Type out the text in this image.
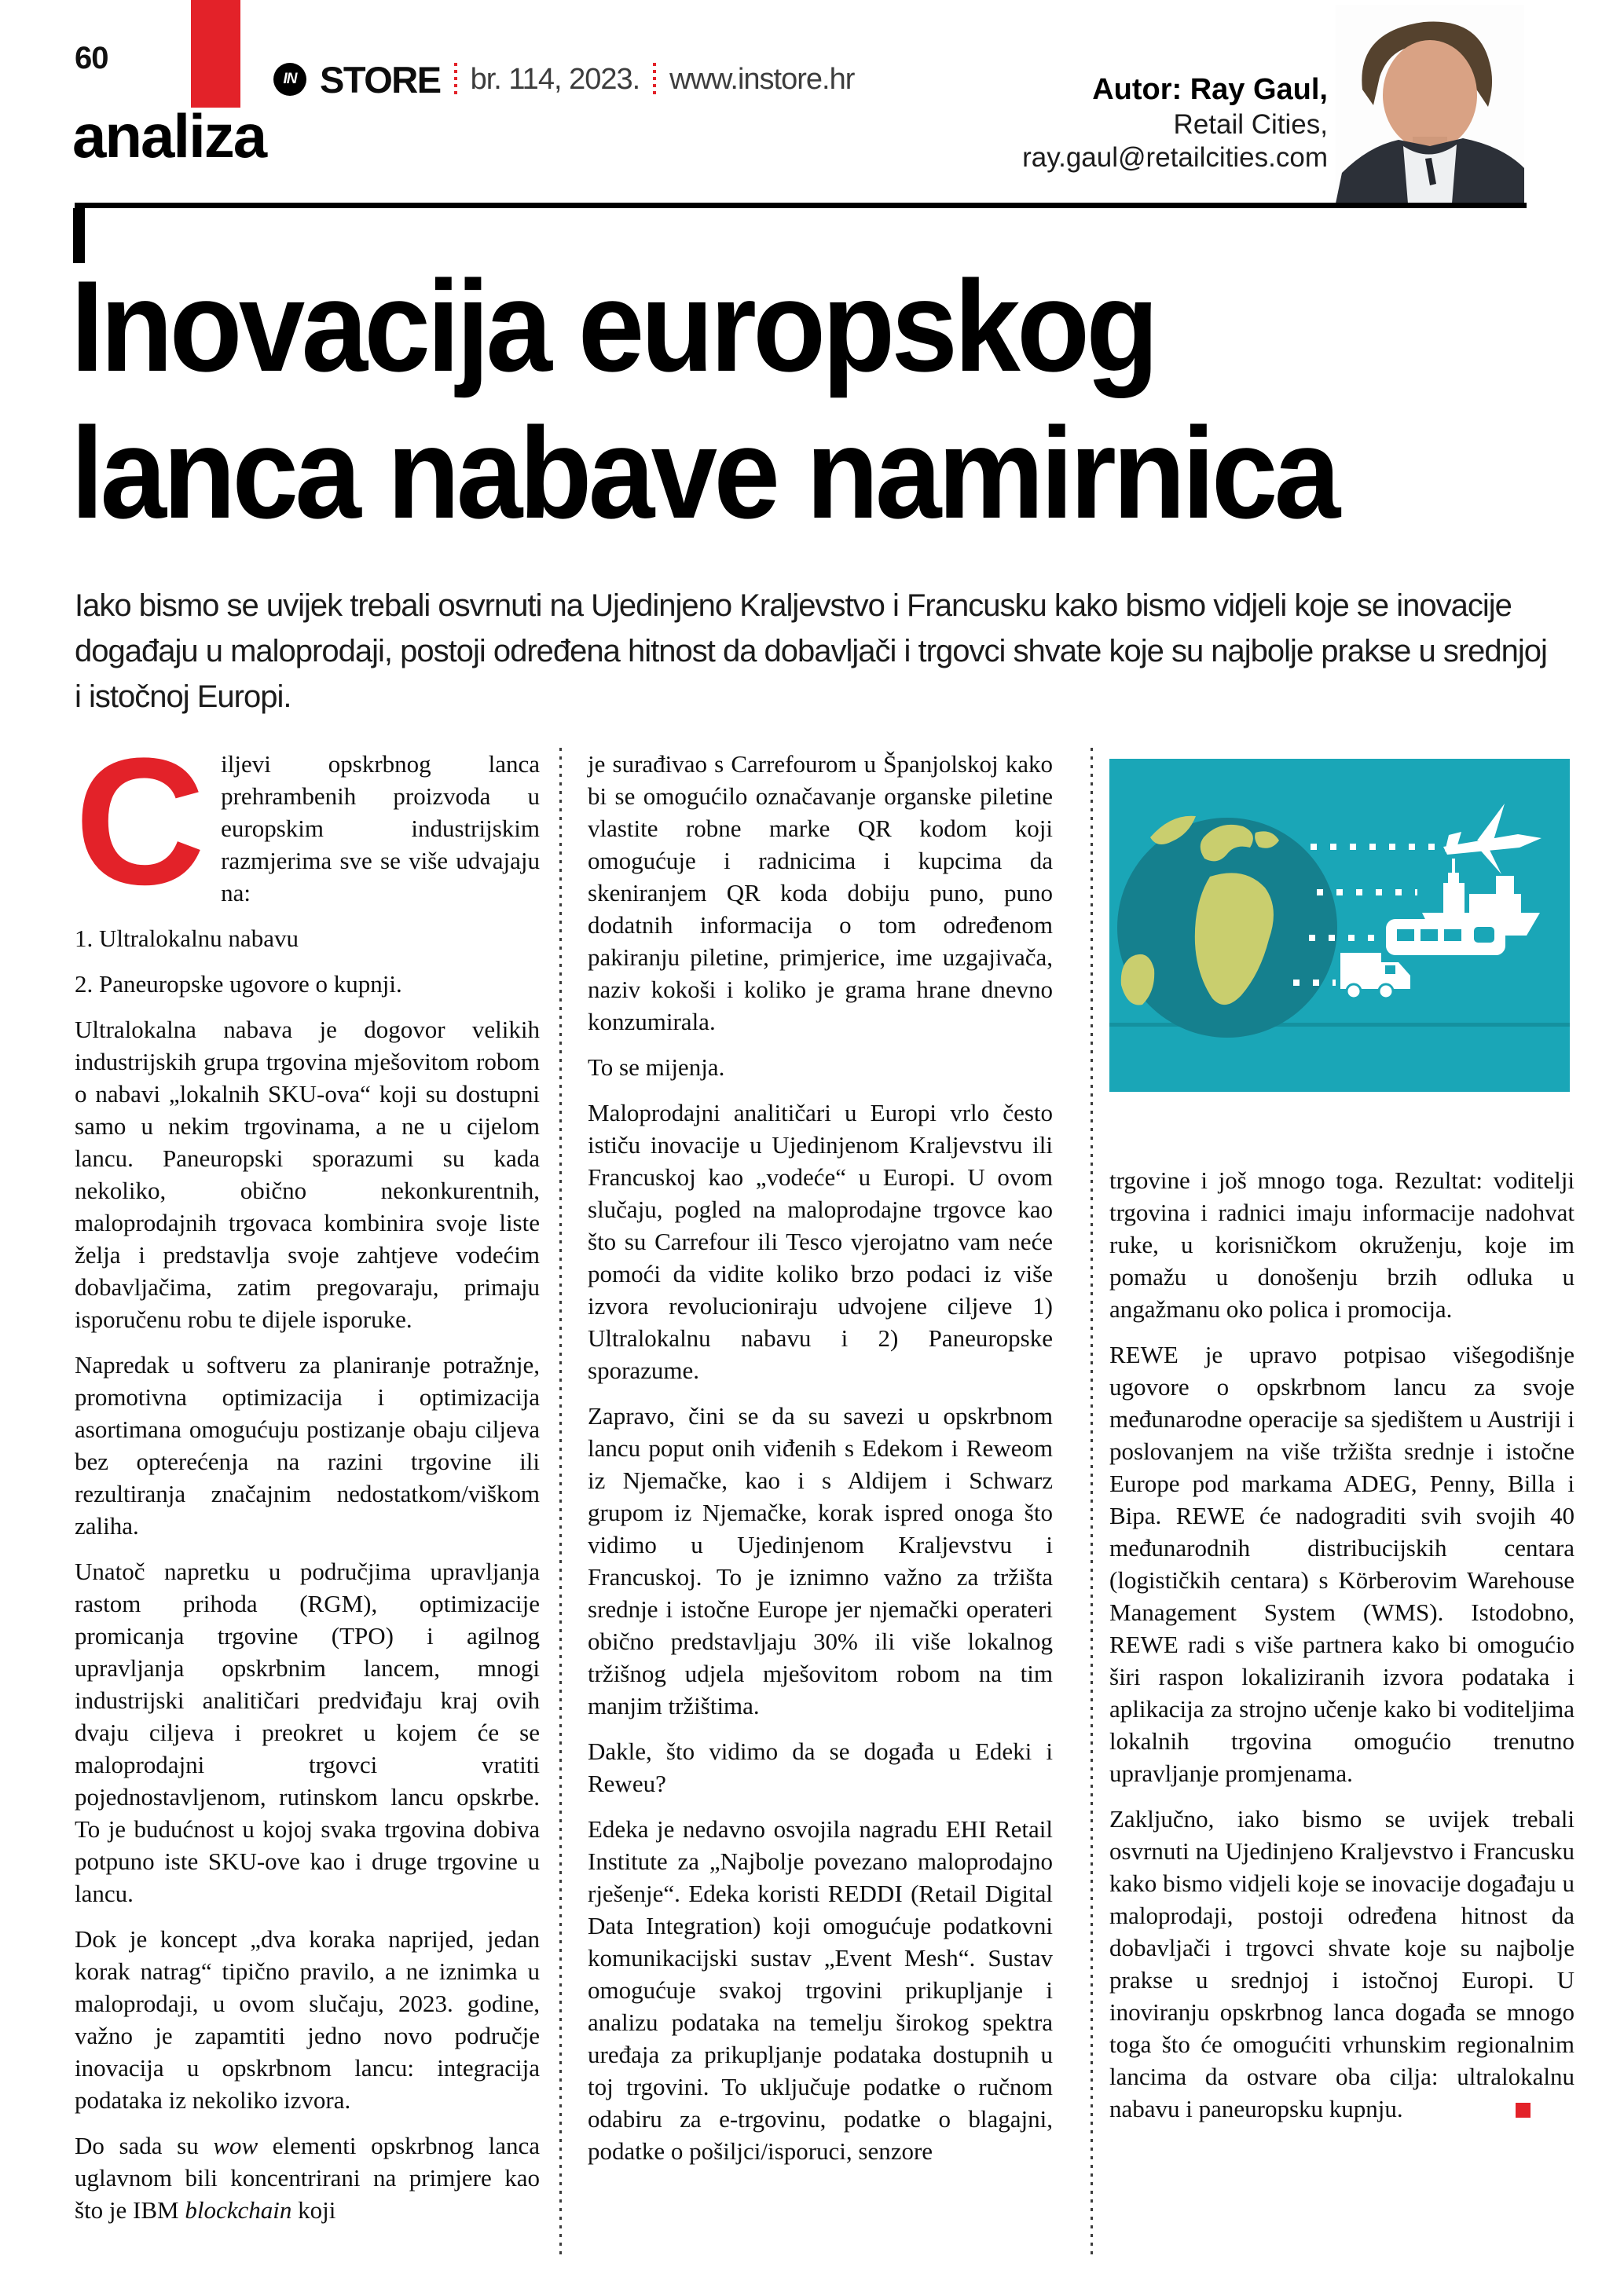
60
IN STORE br. 114, 2023. www.instore.hr
analiza
Autor: Ray Gaul,
Retail Cities,
ray.gaul@retailcities.com
Inovacija europskog
lanca nabave namirnica
Iako bismo se uvijek trebali osvrnuti na Ujedinjeno Kraljevstvo i Francusku kako bismo vidjeli koje se inovacije događaju u maloprodaji, postoji određena hitnost da dobavljači i trgovci shvate koje su najbolje prakse u srednjoj i istočnoj Europi.

Ciljevi opskrbnog lanca prehrambenih proizvoda u europskim industrijskim razmjerima sve se više udvajaju na:

1. Ultralokalnu nabavu

2. Paneuropske ugovore o kupnji.

Ultralokalna nabava je dogovor velikih industrijskih grupa trgovina mješovitom robom o nabavi „lokalnih SKU-ova“ koji su dostupni samo u nekim trgovinama, a ne u cijelom lancu. Paneuropski sporazumi su kada nekoliko, obično nekonkurentnih, maloprodajnih trgovaca kombinira svoje liste želja i predstavlja svoje zahtjeve vodećim dobavljačima, zatim pregovaraju, primaju isporučenu robu te dijele isporuke.

Napredak u softveru za planiranje potražnje, promotivna optimizacija i optimizacija asortimana omogućuju postizanje obaju ciljeva bez opterećenja na razini trgovine ili rezultiranja značajnim nedostatkom/viškom zaliha.

Unatoč napretku u područjima upravljanja rastom prihoda (RGM), optimizacije promicanja trgovine (TPO) i agilnog upravljanja opskrbnim lancem, mnogi industrijski analitičari predviđaju kraj ovih dvaju ciljeva i preokret u kojem će se maloprodajni trgovci vratiti pojednostavljenom, rutinskom lancu opskrbe. To je budućnost u kojoj svaka trgovina dobiva potpuno iste SKU-ove kao i druge trgovine u lancu.

Dok je koncept „dva koraka naprijed, jedan korak natrag“ tipično pravilo, a ne iznimka u maloprodaji, u ovom slučaju, 2023. godine, važno je zapamtiti jedno novo područje inovacija u opskrbnom lancu: integracija podataka iz nekoliko izvora.

Do sada su wow elementi opskrbnog lanca uglavnom bili koncentrirani na primjere kao što je IBM blockchain koji

je surađivao s Carrefourom u Španjolskoj kako bi se omogućilo označavanje organske piletine vlastite robne marke QR kodom koji omogućuje i radnicima i kupcima da skeniranjem QR koda dobiju puno, puno dodatnih informacija o tom određenom pakiranju piletine, primjerice, ime uzgajivača, naziv kokoši i koliko je grama hrane dnevno konzumirala.

To se mijenja.

Maloprodajni analitičari u Europi vrlo često ističu inovacije u Ujedinjenom Kraljevstvu ili Francuskoj kao „vodeće“ u Europi. U ovom slučaju, pogled na maloprodajne trgovce kao što su Carrefour ili Tesco vjerojatno vam neće pomoći da vidite koliko brzo podaci iz više izvora revolucioniraju udvojene ciljeve 1) Ultralokalnu nabavu i 2) Paneuropske sporazume.

Zapravo, čini se da su savezi u opskrbnom lancu poput onih viđenih s Edekom i Reweom iz Njemačke, kao i s Aldijem i Schwarz grupom iz Njemačke, korak ispred onoga što vidimo u Ujedinjenom Kraljevstvu i Francuskoj. To je iznimno važno za tržišta srednje i istočne Europe jer njemački operateri obično predstavljaju 30% ili više lokalnog tržišnog udjela mješovitom robom na tim manjim tržištima.

Dakle, što vidimo da se događa u Edeki i Reweu?

Edeka je nedavno osvojila nagradu EHI Retail Institute za „Najbolje povezano maloprodajno rješenje“. Edeka koristi REDDI (Retail Digital Data Integration) koji omogućuje podatkovni komunikacijski sustav „Event Mesh“. Sustav omogućuje svakoj trgovini prikupljanje i analizu podataka na temelju širokog spektra uređaja za prikupljanje podataka dostupnih u toj trgovini. To uključuje podatke o ručnom odabiru za e-trgovinu, podatke o blagajni, podatke o pošiljci/isporuci, senzore

trgovine i još mnogo toga. Rezultat: voditelji trgovina i radnici imaju informacije nadohvat ruke, u korisničkom okruženju, koje im pomažu u donošenju brzih odluka u angažmanu oko polica i promocija.

REWE je upravo potpisao višegodišnje ugovore o opskrbnom lancu za svoje međunarodne operacije sa sjedištem u Austriji i poslovanjem na više tržišta srednje i istočne Europe pod markama ADEG, Penny, Billa i Bipa. REWE će nadograditi svih svojih 40 međunarodnih distribucijskih centara (logističkih centara) s Körberovim Warehouse Management System (WMS). Istodobno, REWE radi s više partnera kako bi omogućio širi raspon lokaliziranih izvora podataka i aplikacija za strojno učenje kako bi voditeljima lokalnih trgovina omogućio trenutno upravljanje promjenama.

Zaključno, iako bismo se uvijek trebali osvrnuti na Ujedinjeno Kraljevstvo i Francusku kako bismo vidjeli koje se inovacije događaju u maloprodaji, postoji određena hitnost da dobavljači i trgovci shvate koje su najbolje prakse u srednjoj i istočnoj Europi. U inoviranju opskrbnog lanca događa se mnogo toga što će omogućiti vrhunskim regionalnim lancima da ostvare oba cilja: ultralokalnu nabavu i paneuropsku kupnju.
